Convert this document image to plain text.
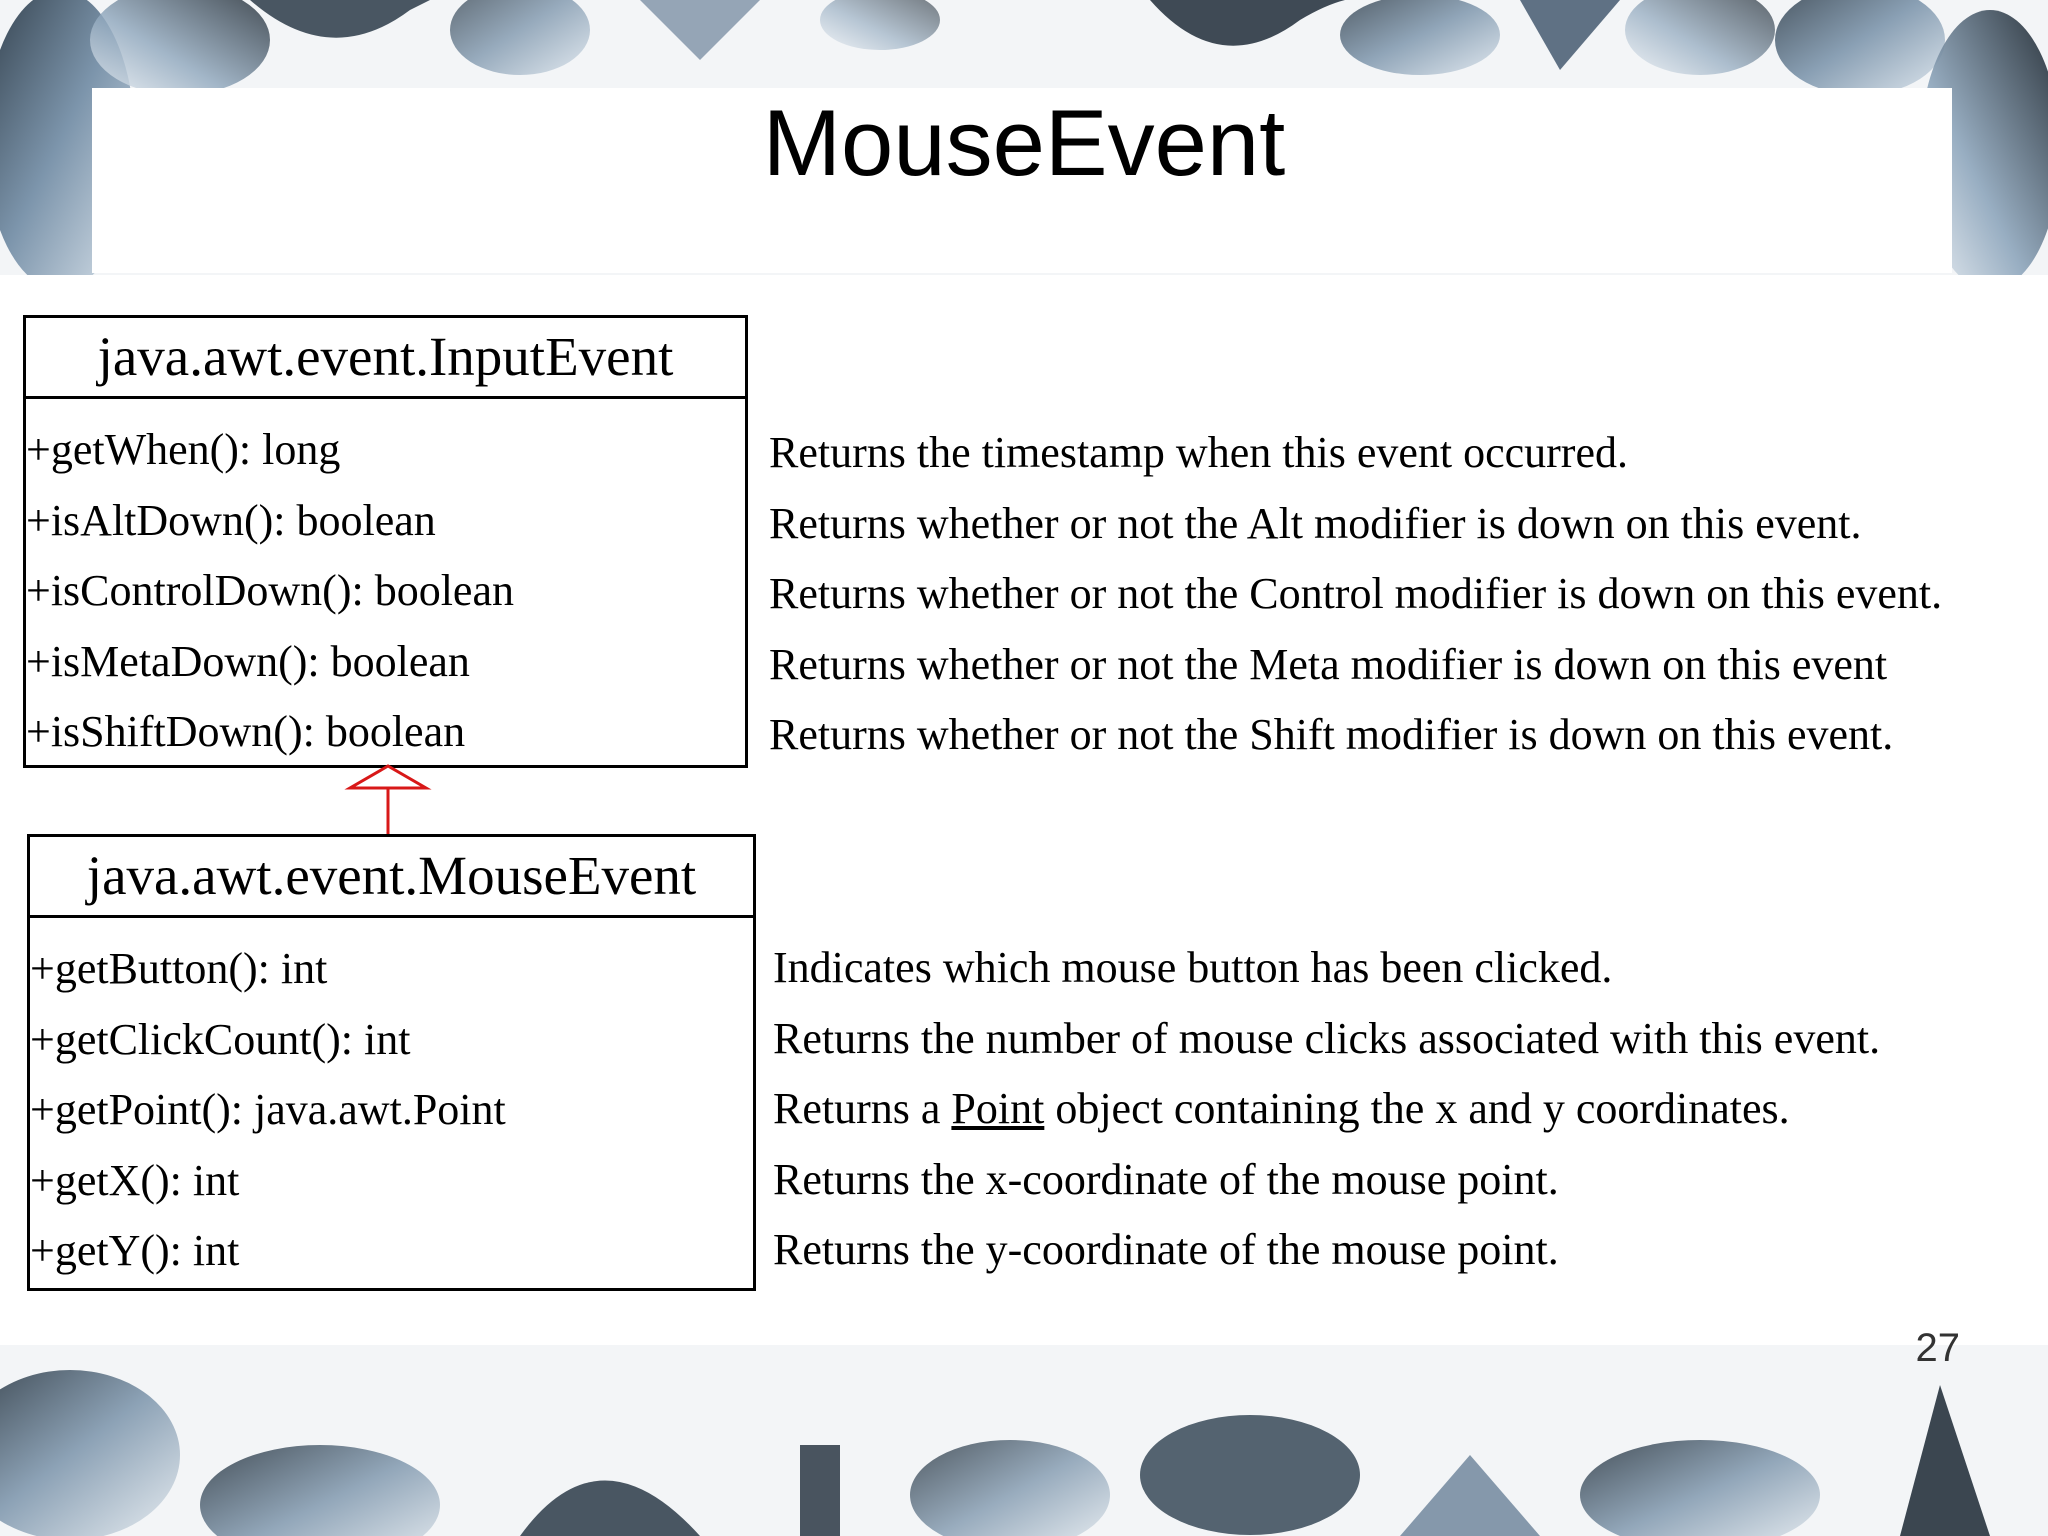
MouseEvent
java.awt.event.InputEvent
+getWhen(): long
+isAltDown(): boolean
+isControlDown(): boolean
+isMetaDown(): boolean
+isShiftDown(): boolean
Returns the timestamp when this event occurred.
Returns whether or not the Alt modifier is down on this event.
Returns whether or not the Control modifier is down on this event.
Returns whether or not the Meta modifier is down on this event
Returns whether or not the Shift modifier is down on this event.
java.awt.event.MouseEvent
+getButton(): int
+getClickCount(): int
+getPoint(): java.awt.Point
+getX(): int
+getY(): int
Indicates which mouse button has been clicked.
Returns the number of mouse clicks associated with this event.
Returns a Point object containing the x and y coordinates.
Returns the x-coordinate of the mouse point.
Returns the y-coordinate of the mouse point.
27
